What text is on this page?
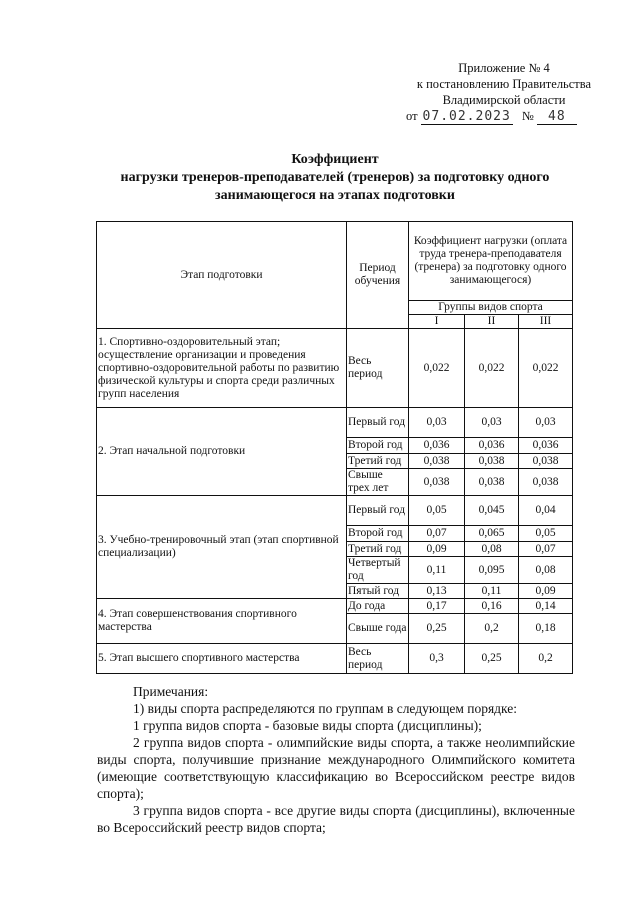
Приложение № 4
к постановлению Правительства
Владимирской области
от 07.02.2023 № 48
Коэффициент
нагрузки тренеров-преподавателей (тренеров) за подготовку одного
занимающегося на этапах подготовки
Этап подготовки	Период обучения	Коэффициент нагрузки (оплата труда тренера-преподавателя (тренера) за подготовку одного занимающегося)		
		Группы видов спорта		
		I	II	III
1. Спортивно-оздоровительный этап; осуществление организации и проведения спортивно-оздоровительной работы по развитию физической культуры и спорта среди различных групп населения	Весь период	0,022	0,022	0,022
2. Этап начальной подготовки	Первый год	0,03	0,03	0,03
	Второй год	0,036	0,036	0,036
	Третий год	0,038	0,038	0,038
	Свыше трех лет	0,038	0,038	0,038
3. Учебно-тренировочный этап (этап спортивной специализации)	Первый год	0,05	0,045	0,04
	Второй год	0,07	0,065	0,05
	Третий год	0,09	0,08	0,07
	Четвертый год	0,11	0,095	0,08
	Пятый год	0,13	0,11	0,09
4. Этап совершенствования спортивного мастерства	До года	0,17	0,16	0,14
	Свыше года	0,25	0,2	0,18
5. Этап высшего спортивного мастерства	Весь период	0,3	0,25	0,2

Примечания:

1) виды спорта распределяются по группам в следующем порядке:

1 группа видов спорта - базовые виды спорта (дисциплины);

2 группа видов спорта - олимпийские виды спорта, а также неолимпийские виды спорта, получившие признание международного Олимпийского комитета (имеющие соответствующую классификацию во Всероссийском реестре видов спорта);

3 группа видов спорта - все другие виды спорта (дисциплины), включенные во Всероссийский реестр видов спорта;
